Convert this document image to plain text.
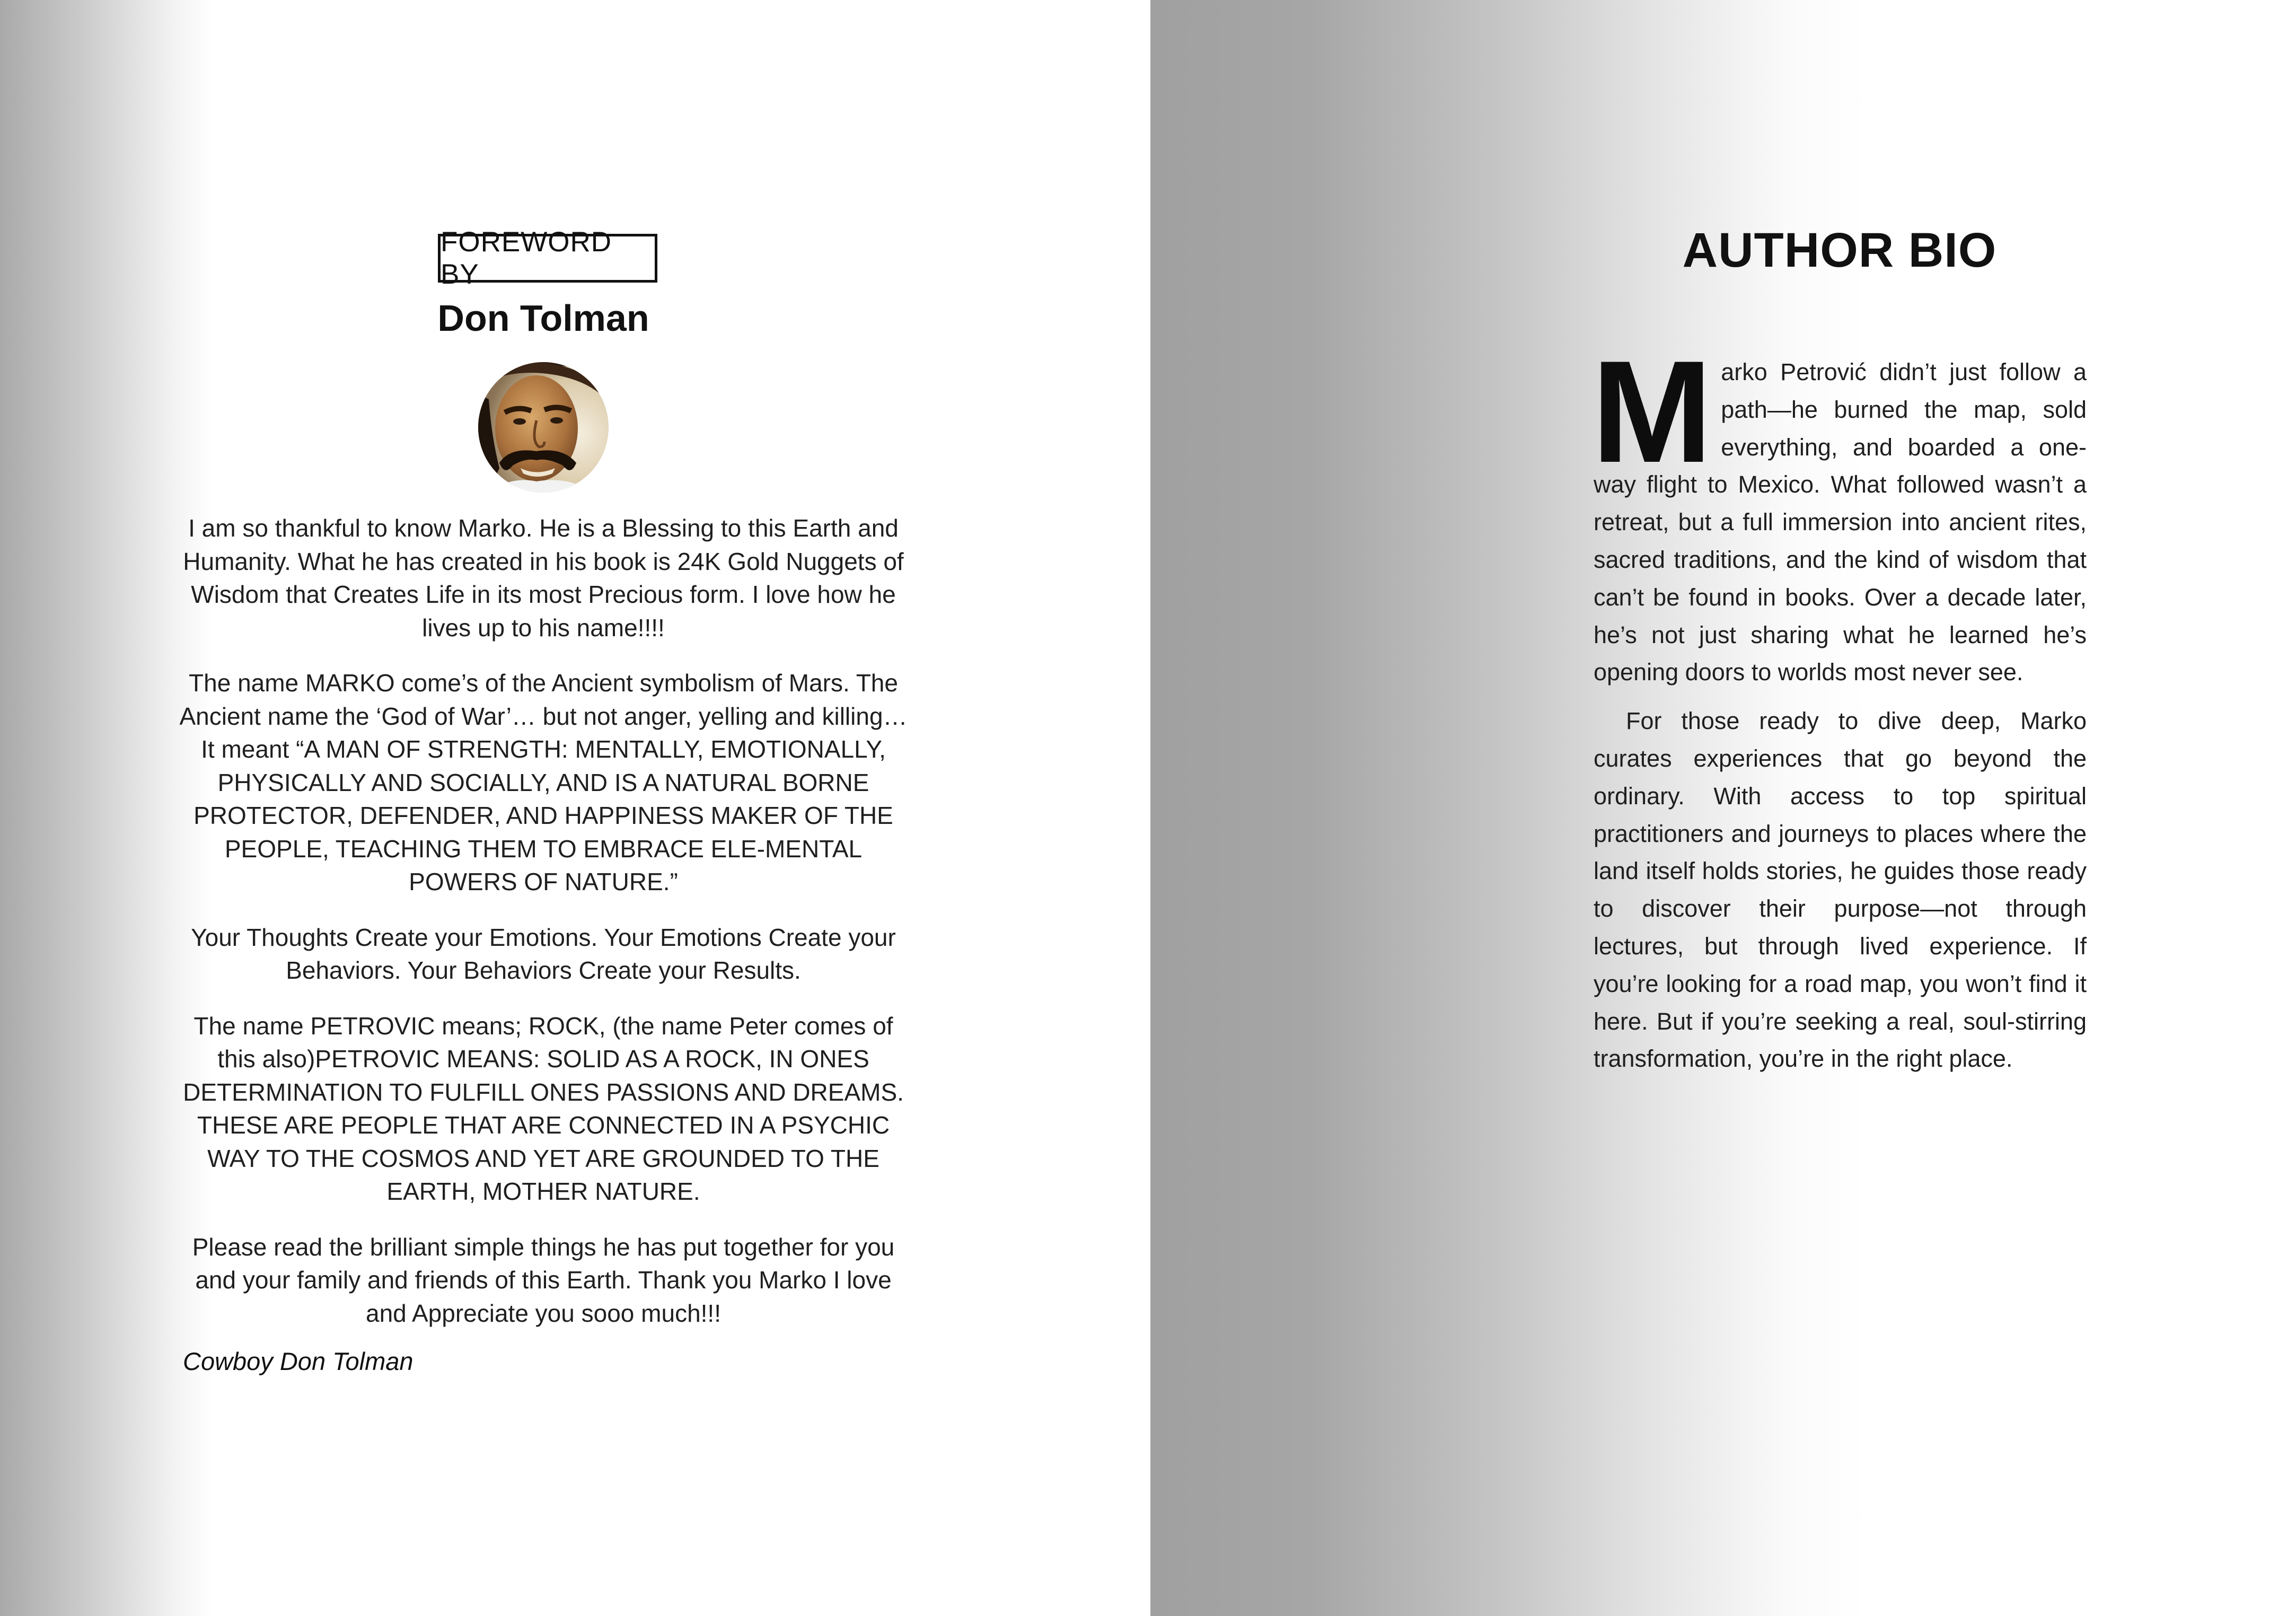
FOREWORD BY
Don Tolman

I am so thankful to know Marko. He is a Blessing to this Earth and Humanity. What he has created in his book is 24K Gold Nuggets of Wisdom that Creates Life in its most Precious form. I love how he lives up to his name!!!!

The name MARKO come’s of the Ancient symbolism of Mars. The Ancient name the ‘God of War’… but not anger, yelling and killing… It meant “A MAN OF STRENGTH: MENTALLY, EMOTIONALLY, PHYSICALLY AND SOCIALLY, AND IS A NATURAL BORNE PROTECTOR, DEFENDER, AND HAPPINESS MAKER OF THE PEOPLE, TEACHING THEM TO EMBRACE ELE-MENTAL POWERS OF NATURE.”

Your Thoughts Create your Emotions. Your Emotions Create your Behaviors. Your Behaviors Create your Results.

The name PETROVIC means; ROCK, (the name Peter comes of this also)PETROVIC MEANS: SOLID AS A ROCK, IN ONES DETERMINATION TO FULFILL ONES PASSIONS AND DREAMS. THESE ARE PEOPLE THAT ARE CONNECTED IN A PSYCHIC WAY TO THE COSMOS AND YET ARE GROUNDED TO THE EARTH, MOTHER NATURE.

Please read the brilliant simple things he has put together for you and your family and friends of this Earth. Thank you Marko I love and Appreciate you sooo much!!!

Cowboy Don Tolman
AUTHOR BIO

Marko Petrović didn’t just follow a path—he burned the map, sold everything, and boarded a one-way flight to Mexico. What followed wasn’t a retreat, but a full immersion into ancient rites, sacred traditions, and the kind of wisdom that can’t be found in books. Over a decade later, he’s not just sharing what he learned he’s opening doors to worlds most never see.

For those ready to dive deep, Marko curates experiences that go beyond the ordinary. With access to top spiritual practitioners and journeys to places where the land itself holds stories, he guides those ready to discover their purpose—not through lectures, but through lived experience. If you’re looking for a road map, you won’t find it here. But if you’re seeking a real, soul-stirring transformation, you’re in the right place.
